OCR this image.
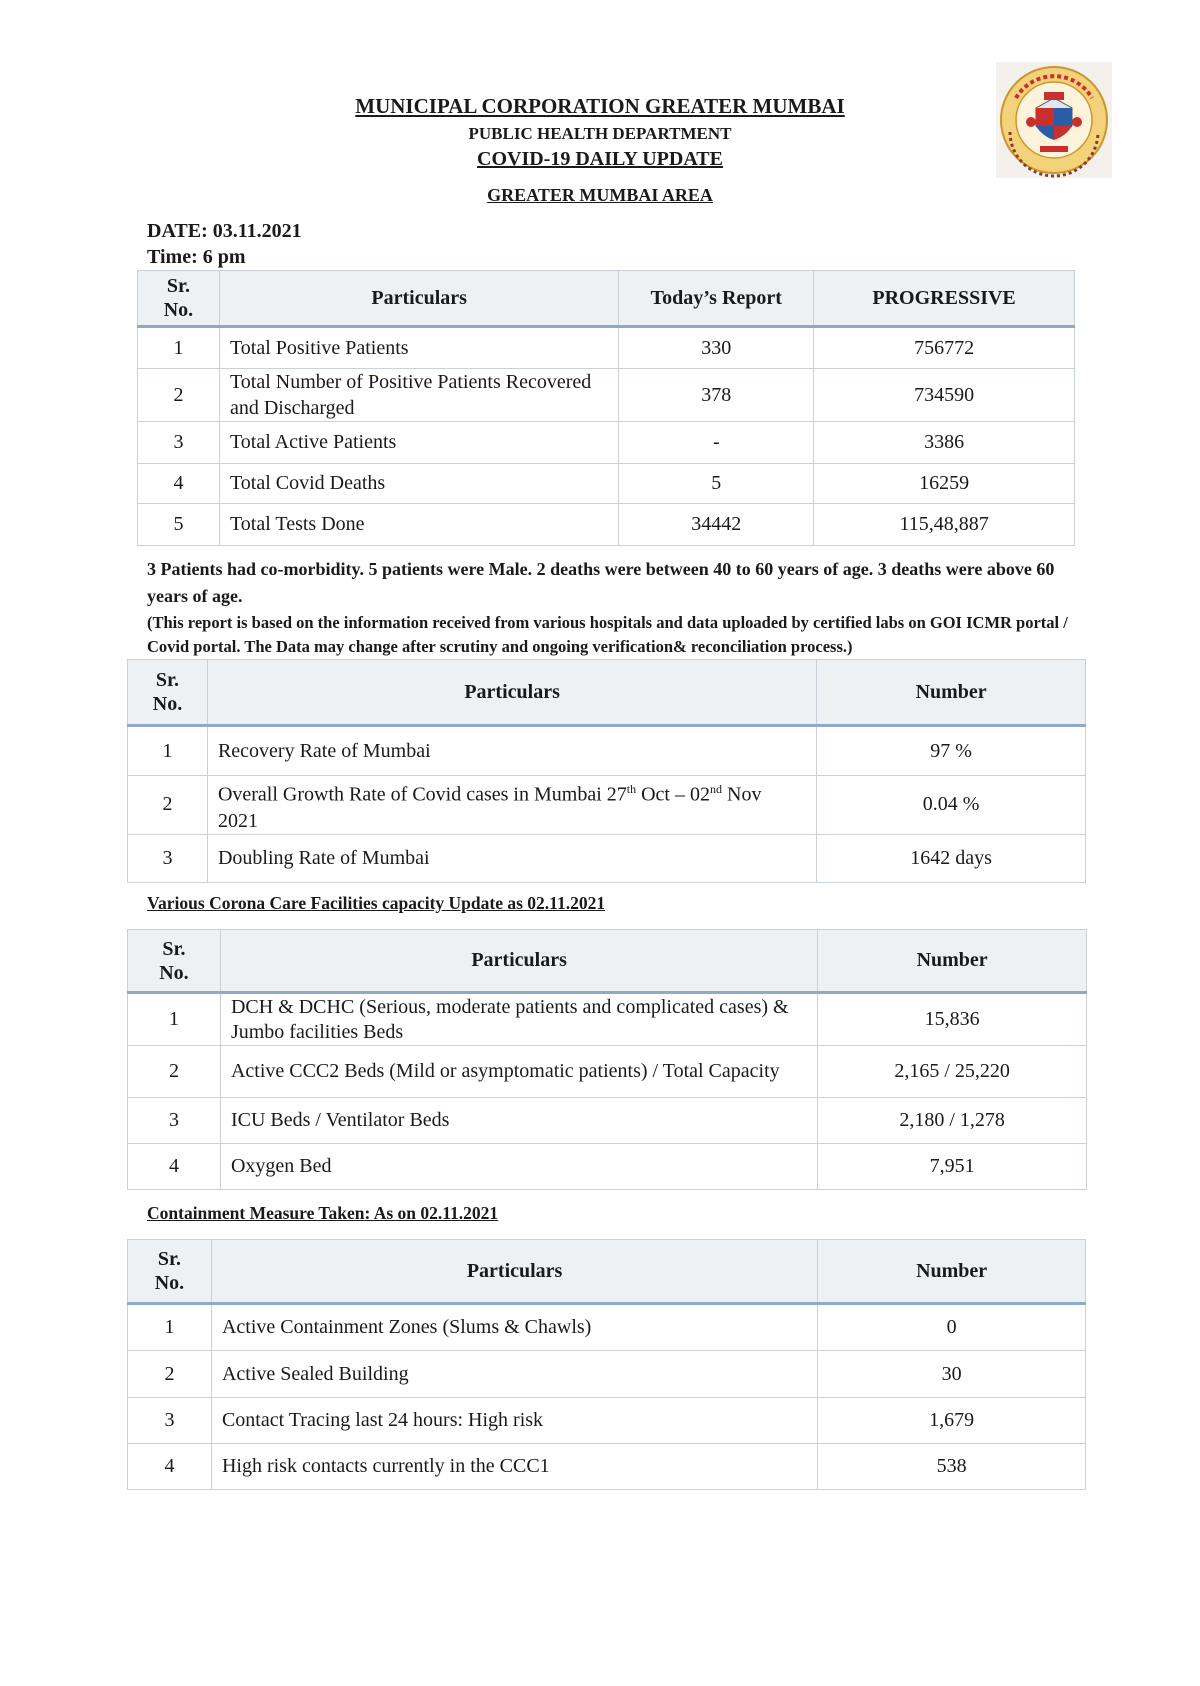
MUNICIPAL CORPORATION GREATER MUMBAI
PUBLIC HEALTH DEPARTMENT
COVID-19 DAILY UPDATE
GREATER MUMBAI AREA
DATE: 03.11.2021
Time: 6 pm
Sr.
No.	Particulars	Today’s Report	PROGRESSIVE
1	Total Positive Patients	330	756772
2	Total Number of Positive Patients Recovered and Discharged	378	734590
3	Total Active Patients	-	3386
4	Total Covid Deaths	5	16259
5	Total Tests Done	34442	115,48,887
3 Patients had co-morbidity. 5 patients were Male. 2 deaths were between 40 to 60 years of age. 3 deaths were above 60 years of age.
(This report is based on the information received from various hospitals and data uploaded by certified labs on GOI ICMR portal / Covid portal. The Data may change after scrutiny and ongoing verification& reconciliation process.)
Sr.
No.	Particulars	Number
1	Recovery Rate of Mumbai	97 %
2	Overall Growth Rate of Covid cases in Mumbai 27th Oct – 02nd Nov 2021	0.04 %
3	Doubling Rate of Mumbai	1642 days
Various Corona Care Facilities capacity Update as 02.11.2021
Sr.
No.	Particulars	Number
1	DCH & DCHC (Serious, moderate patients and complicated cases) & Jumbo facilities Beds	15,836
2	Active CCC2 Beds (Mild or asymptomatic patients) / Total Capacity	2,165 / 25,220
3	ICU Beds / Ventilator Beds	2,180 / 1,278
4	Oxygen Bed	7,951
Containment Measure Taken: As on 02.11.2021
Sr.
No.	Particulars	Number
1	Active Containment Zones (Slums & Chawls)	0
2	Active Sealed Building	30
3	Contact Tracing last 24 hours: High risk	1,679
4	High risk contacts currently in the CCC1	538
